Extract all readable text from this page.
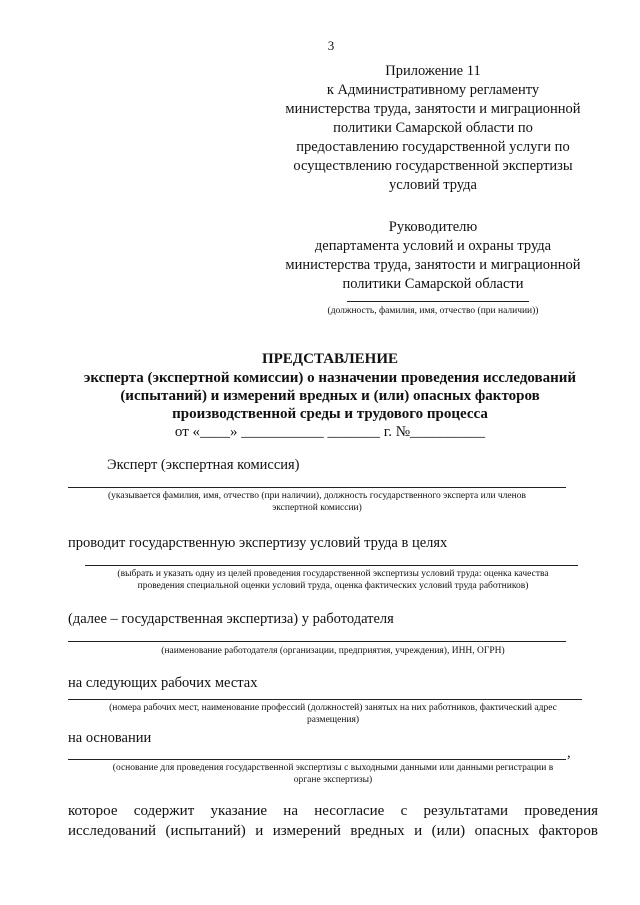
3
Приложение 11
к Административному регламенту
министерства труда, занятости и миграционной
политики Самарской области по
предоставлению государственной услуги по
осуществлению государственной экспертизы
условий труда
Руководителю
департамента условий и охраны труда
министерства труда, занятости и миграционной
политики Самарской области
(должность, фамилия, имя, отчество (при наличии))
ПРЕДСТАВЛЕНИЕ
эксперта (экспертной комиссии) о назначении проведения исследований
(испытаний) и измерений вредных и (или) опасных факторов
производственной среды и трудового процесса
от «____» ___________ _______ г. №__________
Эксперт (экспертная комиссия)
(указывается фамилия, имя, отчество (при наличии), должность государственного эксперта или членов
экспертной комиссии)
проводит государственную экспертизу условий труда в целях
(выбрать и указать одну из целей проведения государственной экспертизы условий труда: оценка качества
проведения специальной оценки условий труда, оценка фактических условий труда работников)
(далее – государственная экспертиза) у работодателя
(наименование работодателя (организации, предприятия, учреждения), ИНН, ОГРН)
на следующих рабочих местах
(номера рабочих мест, наименование профессий (должностей) занятых на них работников, фактический адрес
размещения)
на основании
,
(основание для проведения государственной экспертизы с выходными данными или данными регистрации в
органе экспертизы)
которое содержит указание на несогласие с результатами проведения
исследований (испытаний) и измерений вредных и (или) опасных факторов
